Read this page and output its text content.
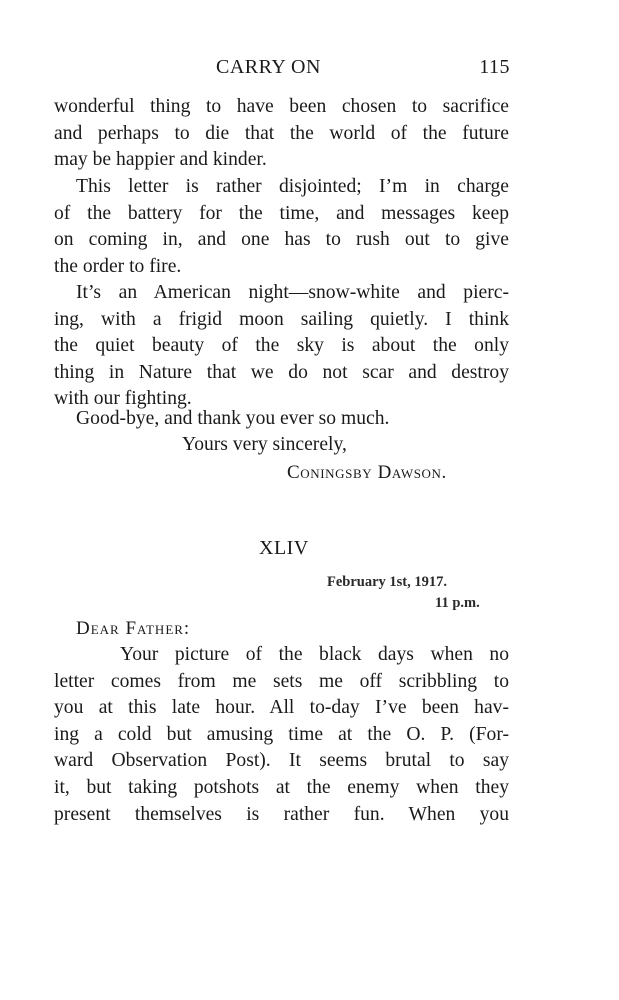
CARRY ON	115
wonderful thing to have been chosen to sacrifice
and perhaps to die that the world of the future
may be happier and kinder.
This letter is rather disjointed; I’m in charge
of the battery for the time, and messages keep
on coming in, and one has to rush out to give
the order to fire.
It’s an American night—snow-white and pierc-
ing, with a frigid moon sailing quietly. I think
the quiet beauty of the sky is about the only
thing in Nature that we do not scar and destroy
with our fighting.
Good-bye, and thank you ever so much.
Yours very sincerely,
Coningsby Dawson.
XLIV
February 1st, 1917.
11 p.m.
Dear Father:
Your picture of the black days when no
letter comes from me sets me off scribbling to
you at this late hour. All to-day I’ve been hav-
ing a cold but amusing time at the O. P. (For-
ward Observation Post). It seems brutal to say
it, but taking potshots at the enemy when they
present themselves is rather fun. When you
